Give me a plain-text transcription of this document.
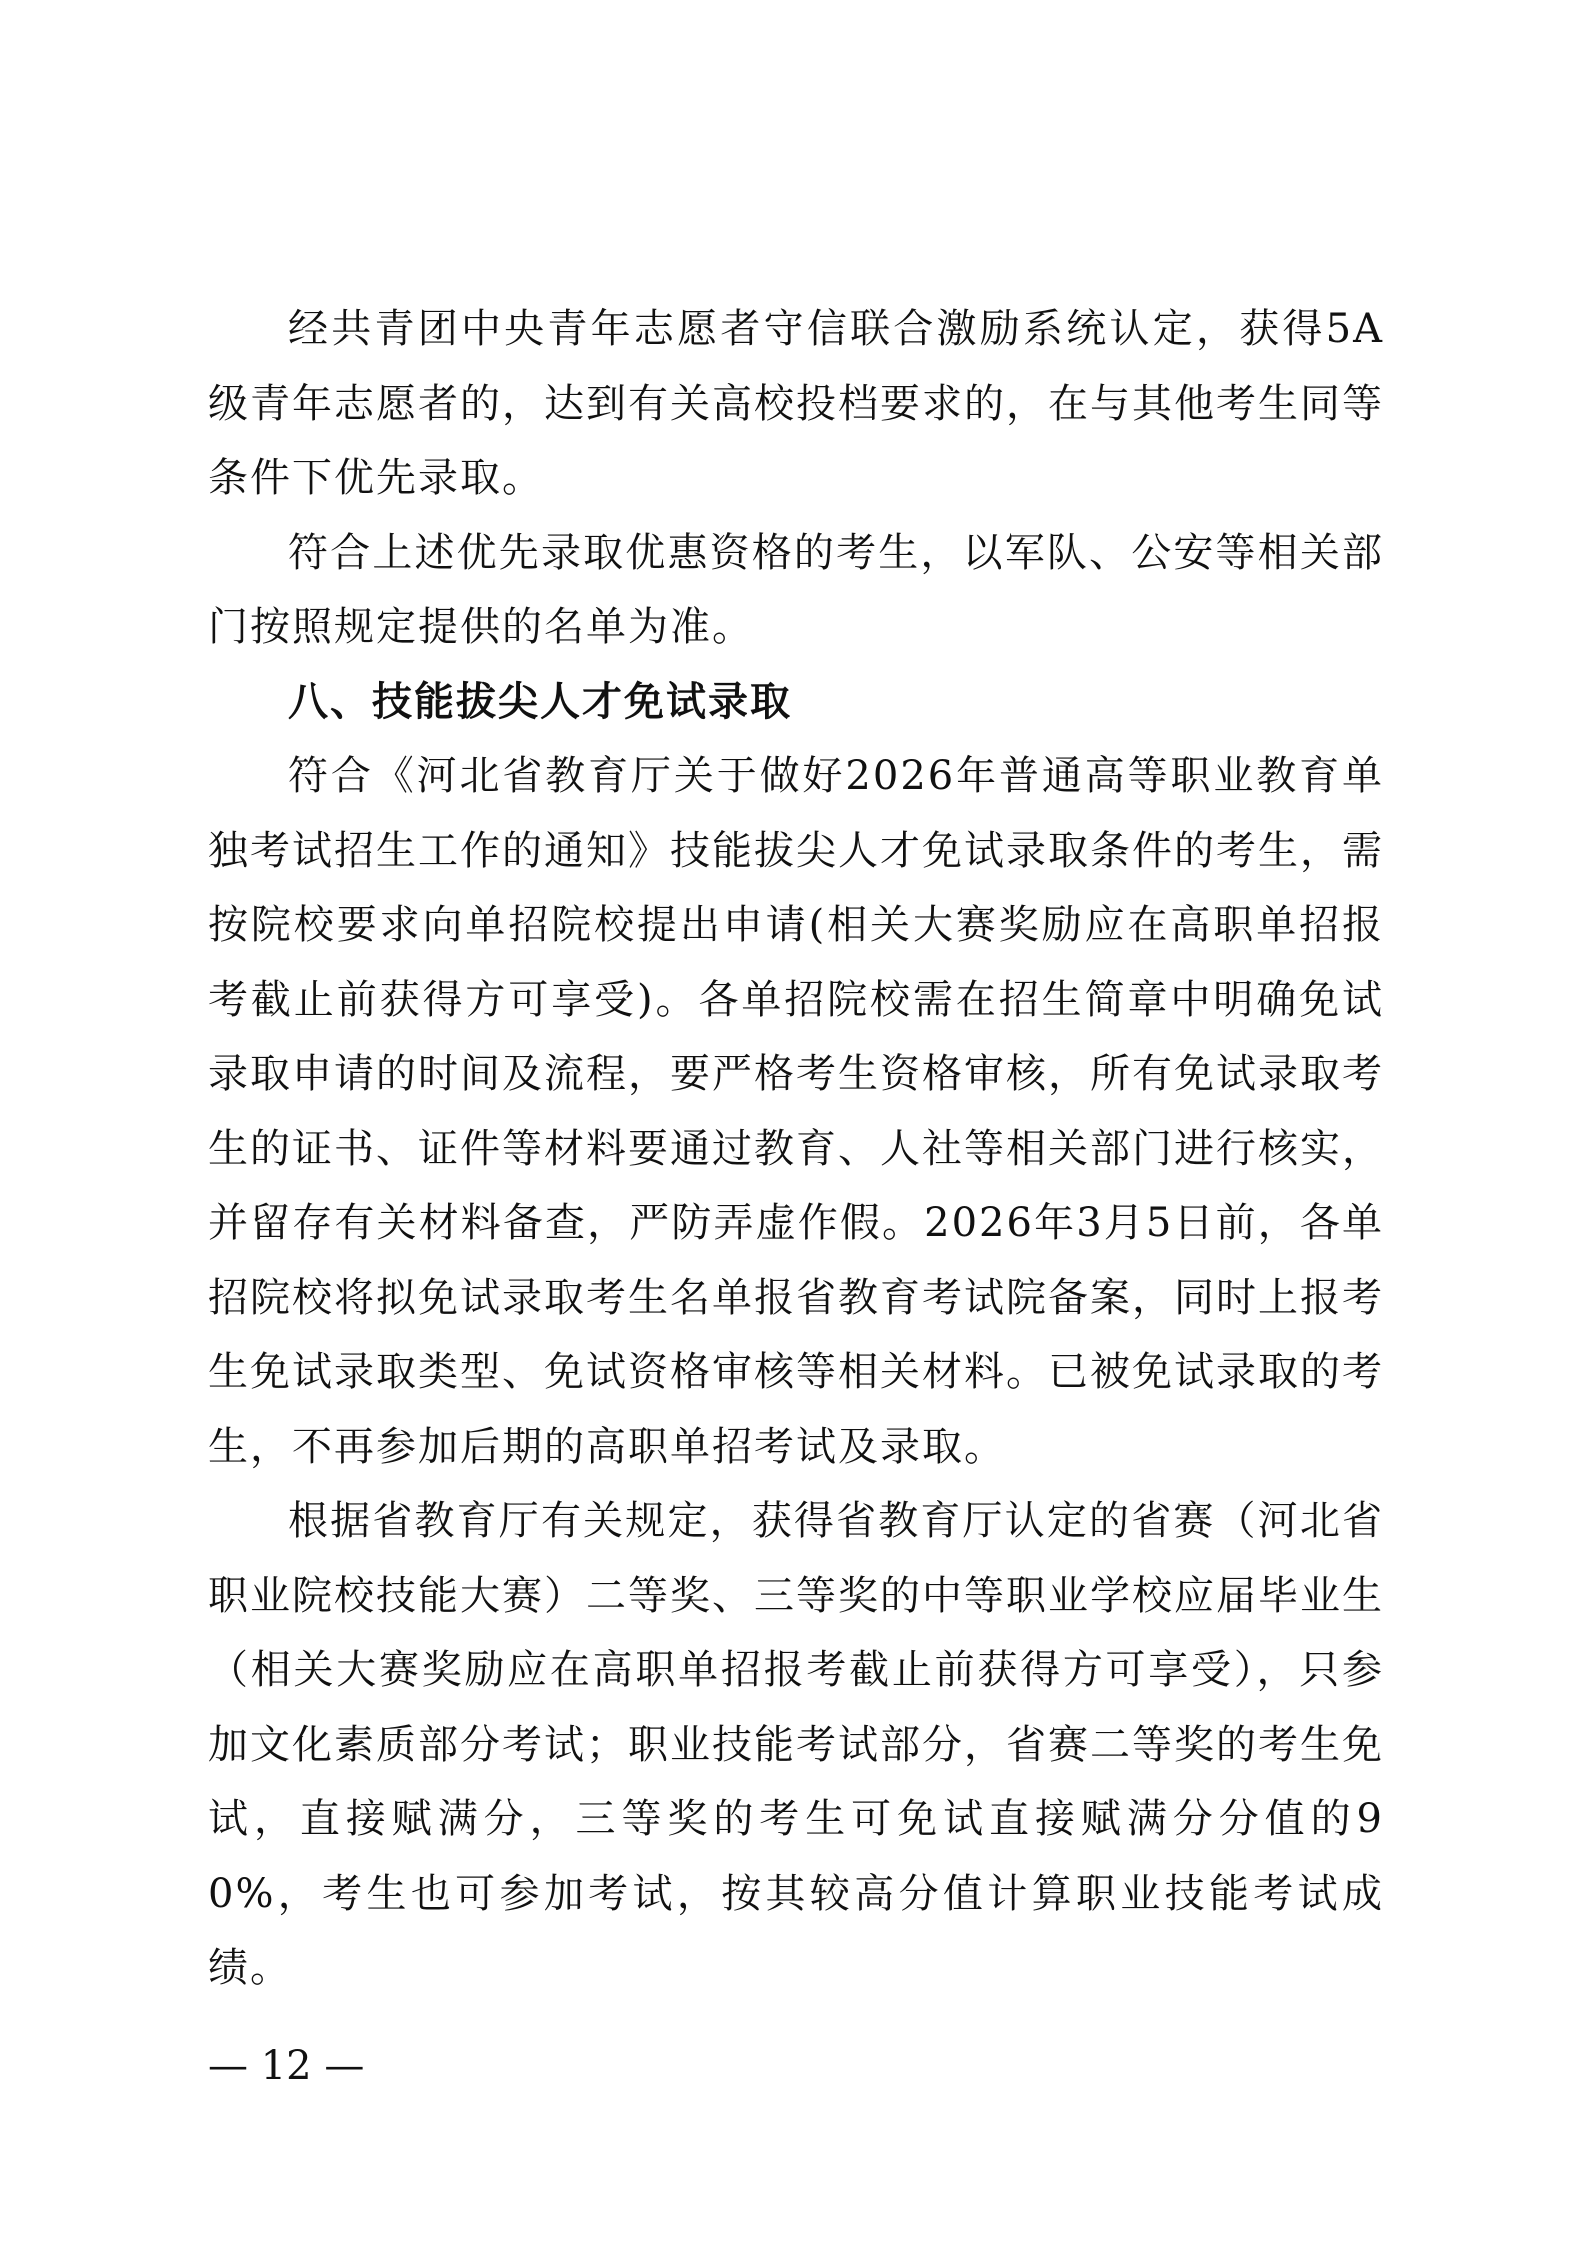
经共青团中央青年志愿者守信联合激励系统认定，获得5A级青年志愿者的，达到有关高校投档要求的，在与其他考生同等条件下优先录取。

符合上述优先录取优惠资格的考生，以军队、公安等相关部门按照规定提供的名单为准。

八、技能拔尖人才免试录取

符合《河北省教育厅关于做好2026年普通高等职业教育单独考试招生工作的通知》技能拔尖人才免试录取条件的考生，需按院校要求向单招院校提出申请(相关大赛奖励应在高职单招报考截止前获得方可享受)。各单招院校需在招生简章中明确免试录取申请的时间及流程，要严格考生资格审核，所有免试录取考生的证书、证件等材料要通过教育、人社等相关部门进行核实，并留存有关材料备查，严防弄虚作假。2026年3月5日前，各单招院校将拟免试录取考生名单报省教育考试院备案，同时上报考生免试录取类型、免试资格审核等相关材料。已被免试录取的考生，不再参加后期的高职单招考试及录取。

根据省教育厅有关规定，获得省教育厅认定的省赛（河北省职业院校技能大赛）二等奖、三等奖的中等职业学校应届毕业生（相关大赛奖励应在高职单招报考截止前获得方可享受），只参加文化素质部分考试；职业技能考试部分，省赛二等奖的考生免试，直接赋满分，三等奖的考生可免试直接赋满分分值的90%，考生也可参加考试，按其较高分值计算职业技能考试成绩。

— 12 —
